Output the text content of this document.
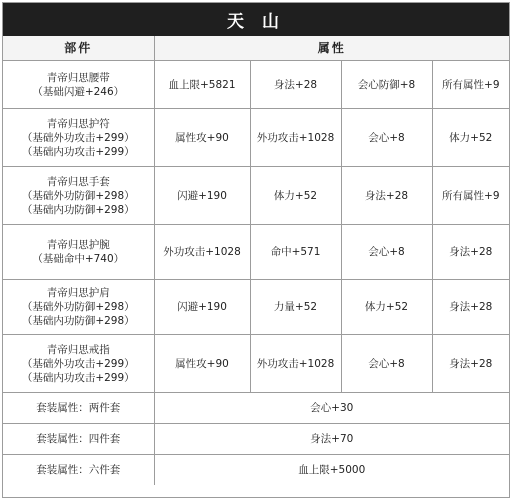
天 山
部件	属性			

青帝归思腰带
（基础闪避+246）	血上限+5821	身法+28	会心防御+8	所有属性+9

青帝归思护符
（基础外功攻击+299）
（基础内功攻击+299）	属性攻+90	外功攻击+1028	会心+8	体力+52

青帝归思手套
（基础外功防御+298）
（基础内功防御+298）	闪避+190	体力+52	身法+28	所有属性+9

青帝归思护腕
（基础命中+740）	外功攻击+1028	命中+571	会心+8	身法+28

青帝归思护肩
（基础外功防御+298）
（基础内功防御+298）	闪避+190	力量+52	体力+52	身法+28

青帝归思戒指
（基础外功攻击+299）
（基础内功攻击+299）	属性攻+90	外功攻击+1028	会心+8	身法+28
套装属性：两件套	会心+30			
套装属性：四件套	身法+70			
套装属性：六件套	血上限+5000			
